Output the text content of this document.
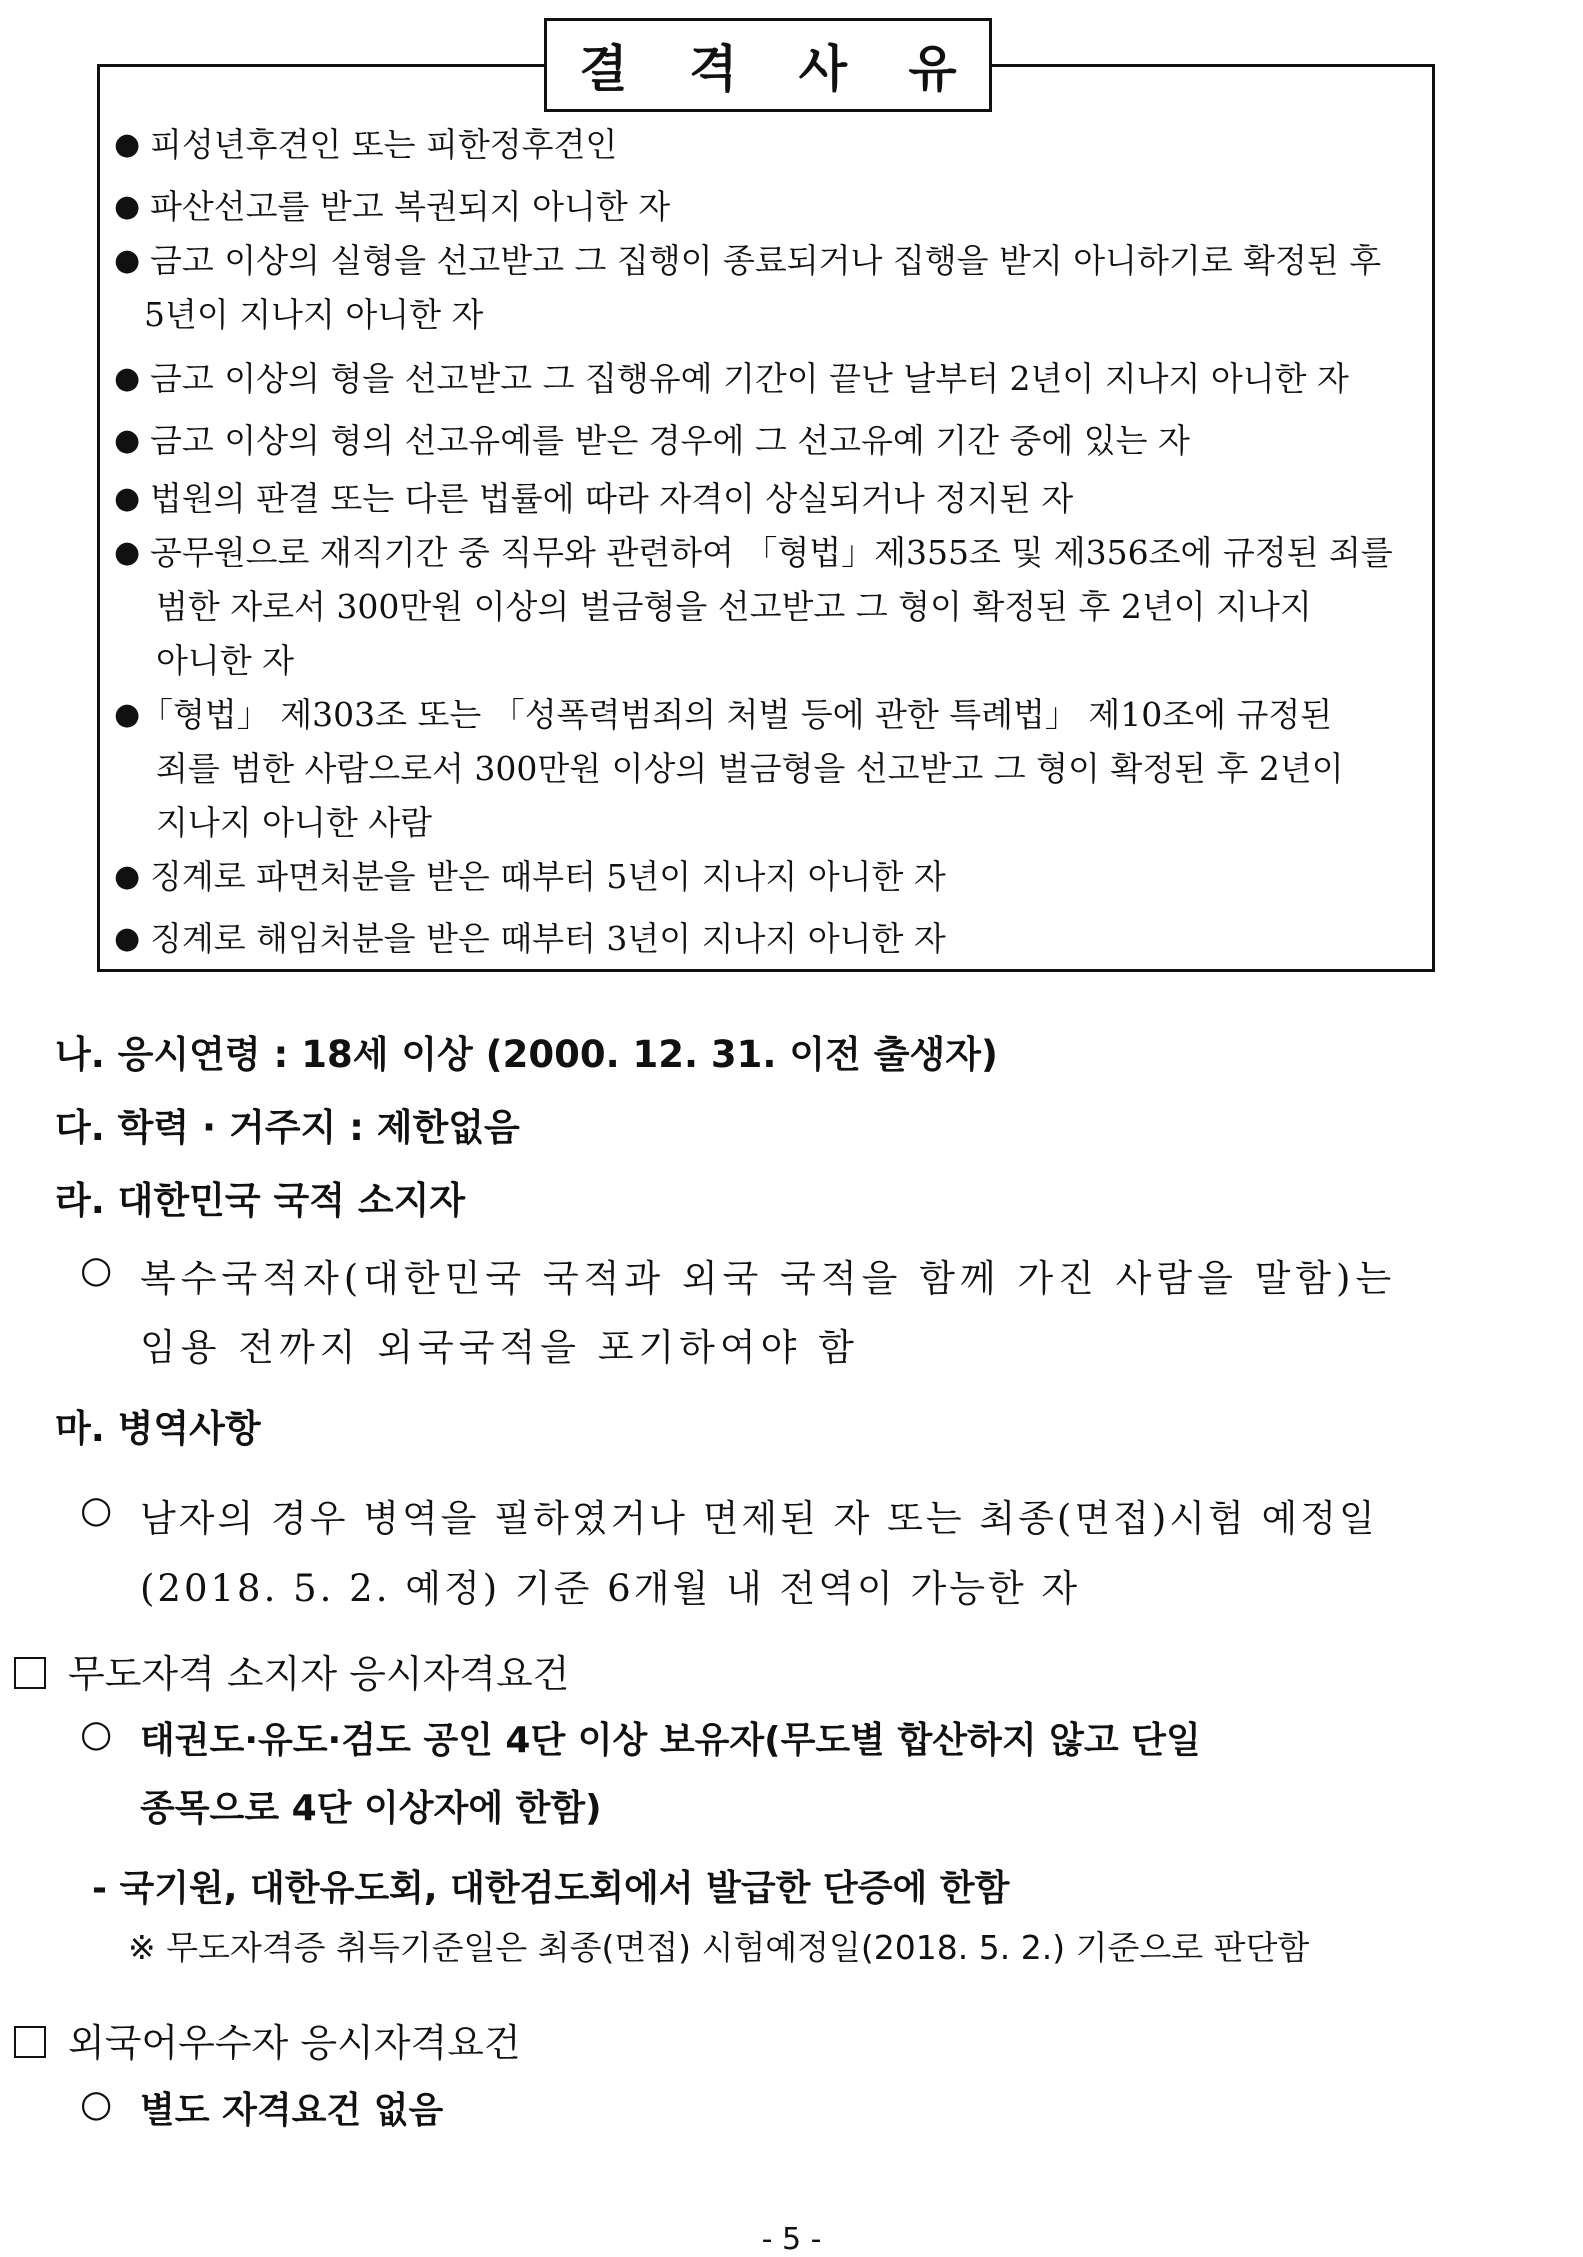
결 격 사 유
● 피성년후견인 또는 피한정후견인
● 파산선고를 받고 복권되지 아니한 자
● 금고 이상의 실형을 선고받고 그 집행이 종료되거나 집행을 받지 아니하기로 확정된 후
5년이 지나지 아니한 자
● 금고 이상의 형을 선고받고 그 집행유예 기간이 끝난 날부터 2년이 지나지 아니한 자
● 금고 이상의 형의 선고유예를 받은 경우에 그 선고유예 기간 중에 있는 자
● 법원의 판결 또는 다른 법률에 따라 자격이 상실되거나 정지된 자
● 공무원으로 재직기간 중 직무와 관련하여 「형법」제355조 및 제356조에 규정된 죄를
범한 자로서 300만원 이상의 벌금형을 선고받고 그 형이 확정된 후 2년이 지나지
아니한 자
● 「형법」 제303조 또는 「성폭력범죄의 처벌 등에 관한 특례법」 제10조에 규정된
죄를 범한 사람으로서 300만원 이상의 벌금형을 선고받고 그 형이 확정된 후 2년이
지나지 아니한 사람
● 징계로 파면처분을 받은 때부터 5년이 지나지 아니한 자
● 징계로 해임처분을 받은 때부터 3년이 지나지 아니한 자
나. 응시연령 : 18세 이상 (2000. 12. 31. 이전 출생자)
다. 학력 · 거주지 : 제한없음
라. 대한민국 국적 소지자
○ 복수국적자(대한민국 국적과 외국 국적을 함께 가진 사람을 말함)는
임용 전까지 외국국적을 포기하여야 함
마. 병역사항
○ 남자의 경우 병역을 필하였거나 면제된 자 또는 최종(면접)시험 예정일
(2018. 5. 2. 예정) 기준 6개월 내 전역이 가능한 자
무도자격 소지자 응시자격요건
○ 태권도·유도·검도 공인 4단 이상 보유자(무도별 합산하지 않고 단일
종목으로 4단 이상자에 한함)
- 국기원, 대한유도회, 대한검도회에서 발급한 단증에 한함
※ 무도자격증 취득기준일은 최종(면접) 시험예정일(2018. 5. 2.) 기준으로 판단함
외국어우수자 응시자격요건
○ 별도 자격요건 없음
- 5 -
